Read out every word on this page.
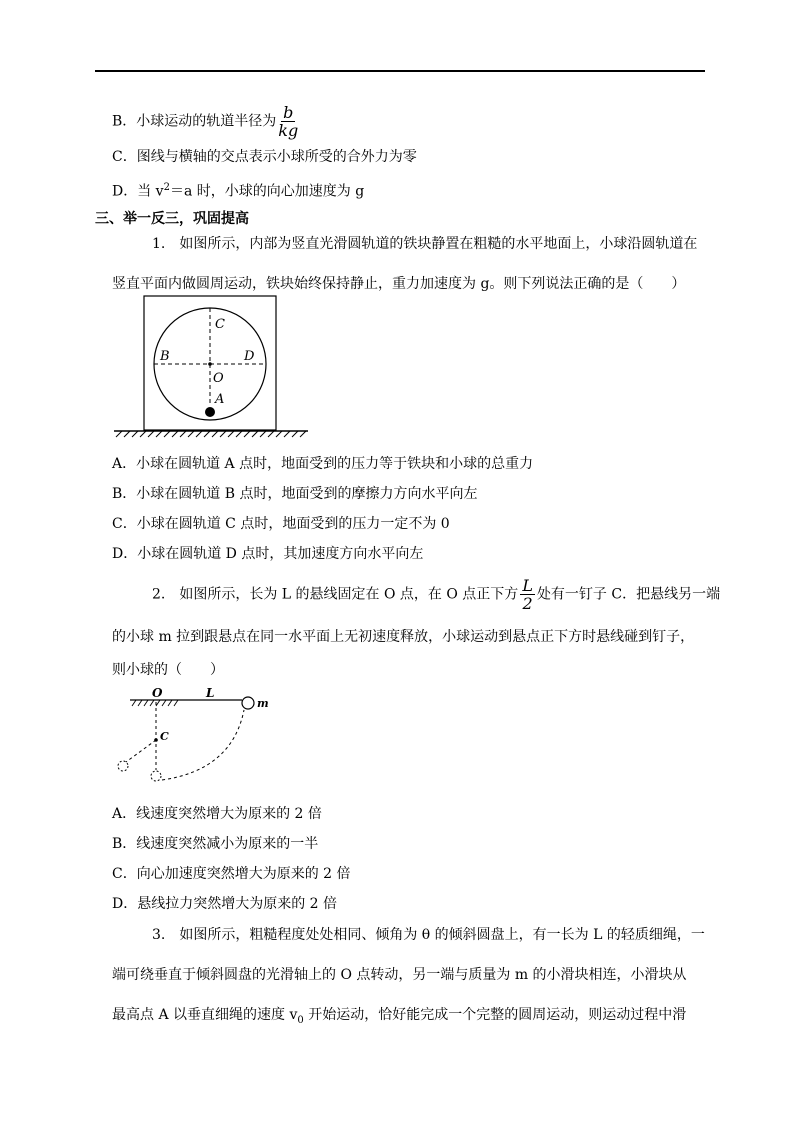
B．小球运动的轨道半径为 $\frac{b}{kg}$
C．图线与横轴的交点表示小球所受的合外力为零
D．当 $v^2=a$ 时，小球的向心加速度为 g
三、举一反三，巩固提高
1.　如图所示，内部为竖直光滑圆轨道的铁块静置在粗糙的水平地面上，小球沿圆轨道在
竖直平面内做圆周运动，铁块始终保持静止，重力加速度为 g。则下列说法正确的是（　　）
C
B	D
O
A
A．小球在圆轨道 A 点时，地面受到的压力等于铁块和小球的总重力
B．小球在圆轨道 B 点时，地面受到的摩擦力方向水平向左
C．小球在圆轨道 C 点时，地面受到的压力一定不为 0
D．小球在圆轨道 D 点时，其加速度方向水平向左
2.　如图所示，长为 L 的悬线固定在 O 点，在 O 点正下方 $\frac{L}{2}$ 处有一钉子 C．把悬线另一端
的小球 m 拉到跟悬点在同一水平面上无初速度释放，小球运动到悬点正下方时悬线碰到钉子，
则小球的（　　）
O	L
m
C
A．线速度突然增大为原来的 2 倍
B．线速度突然减小为原来的一半
C．向心加速度突然增大为原来的 2 倍
D．悬线拉力突然增大为原来的 2 倍
3.　如图所示，粗糙程度处处相同、倾角为 θ 的倾斜圆盘上，有一长为 L 的轻质细绳，一
端可绕垂直于倾斜圆盘的光滑轴上的 O 点转动，另一端与质量为 m 的小滑块相连，小滑块从
最高点 A 以垂直细绳的速度 $v_0$ 开始运动，恰好能完成一个完整的圆周运动，则运动过程中滑
